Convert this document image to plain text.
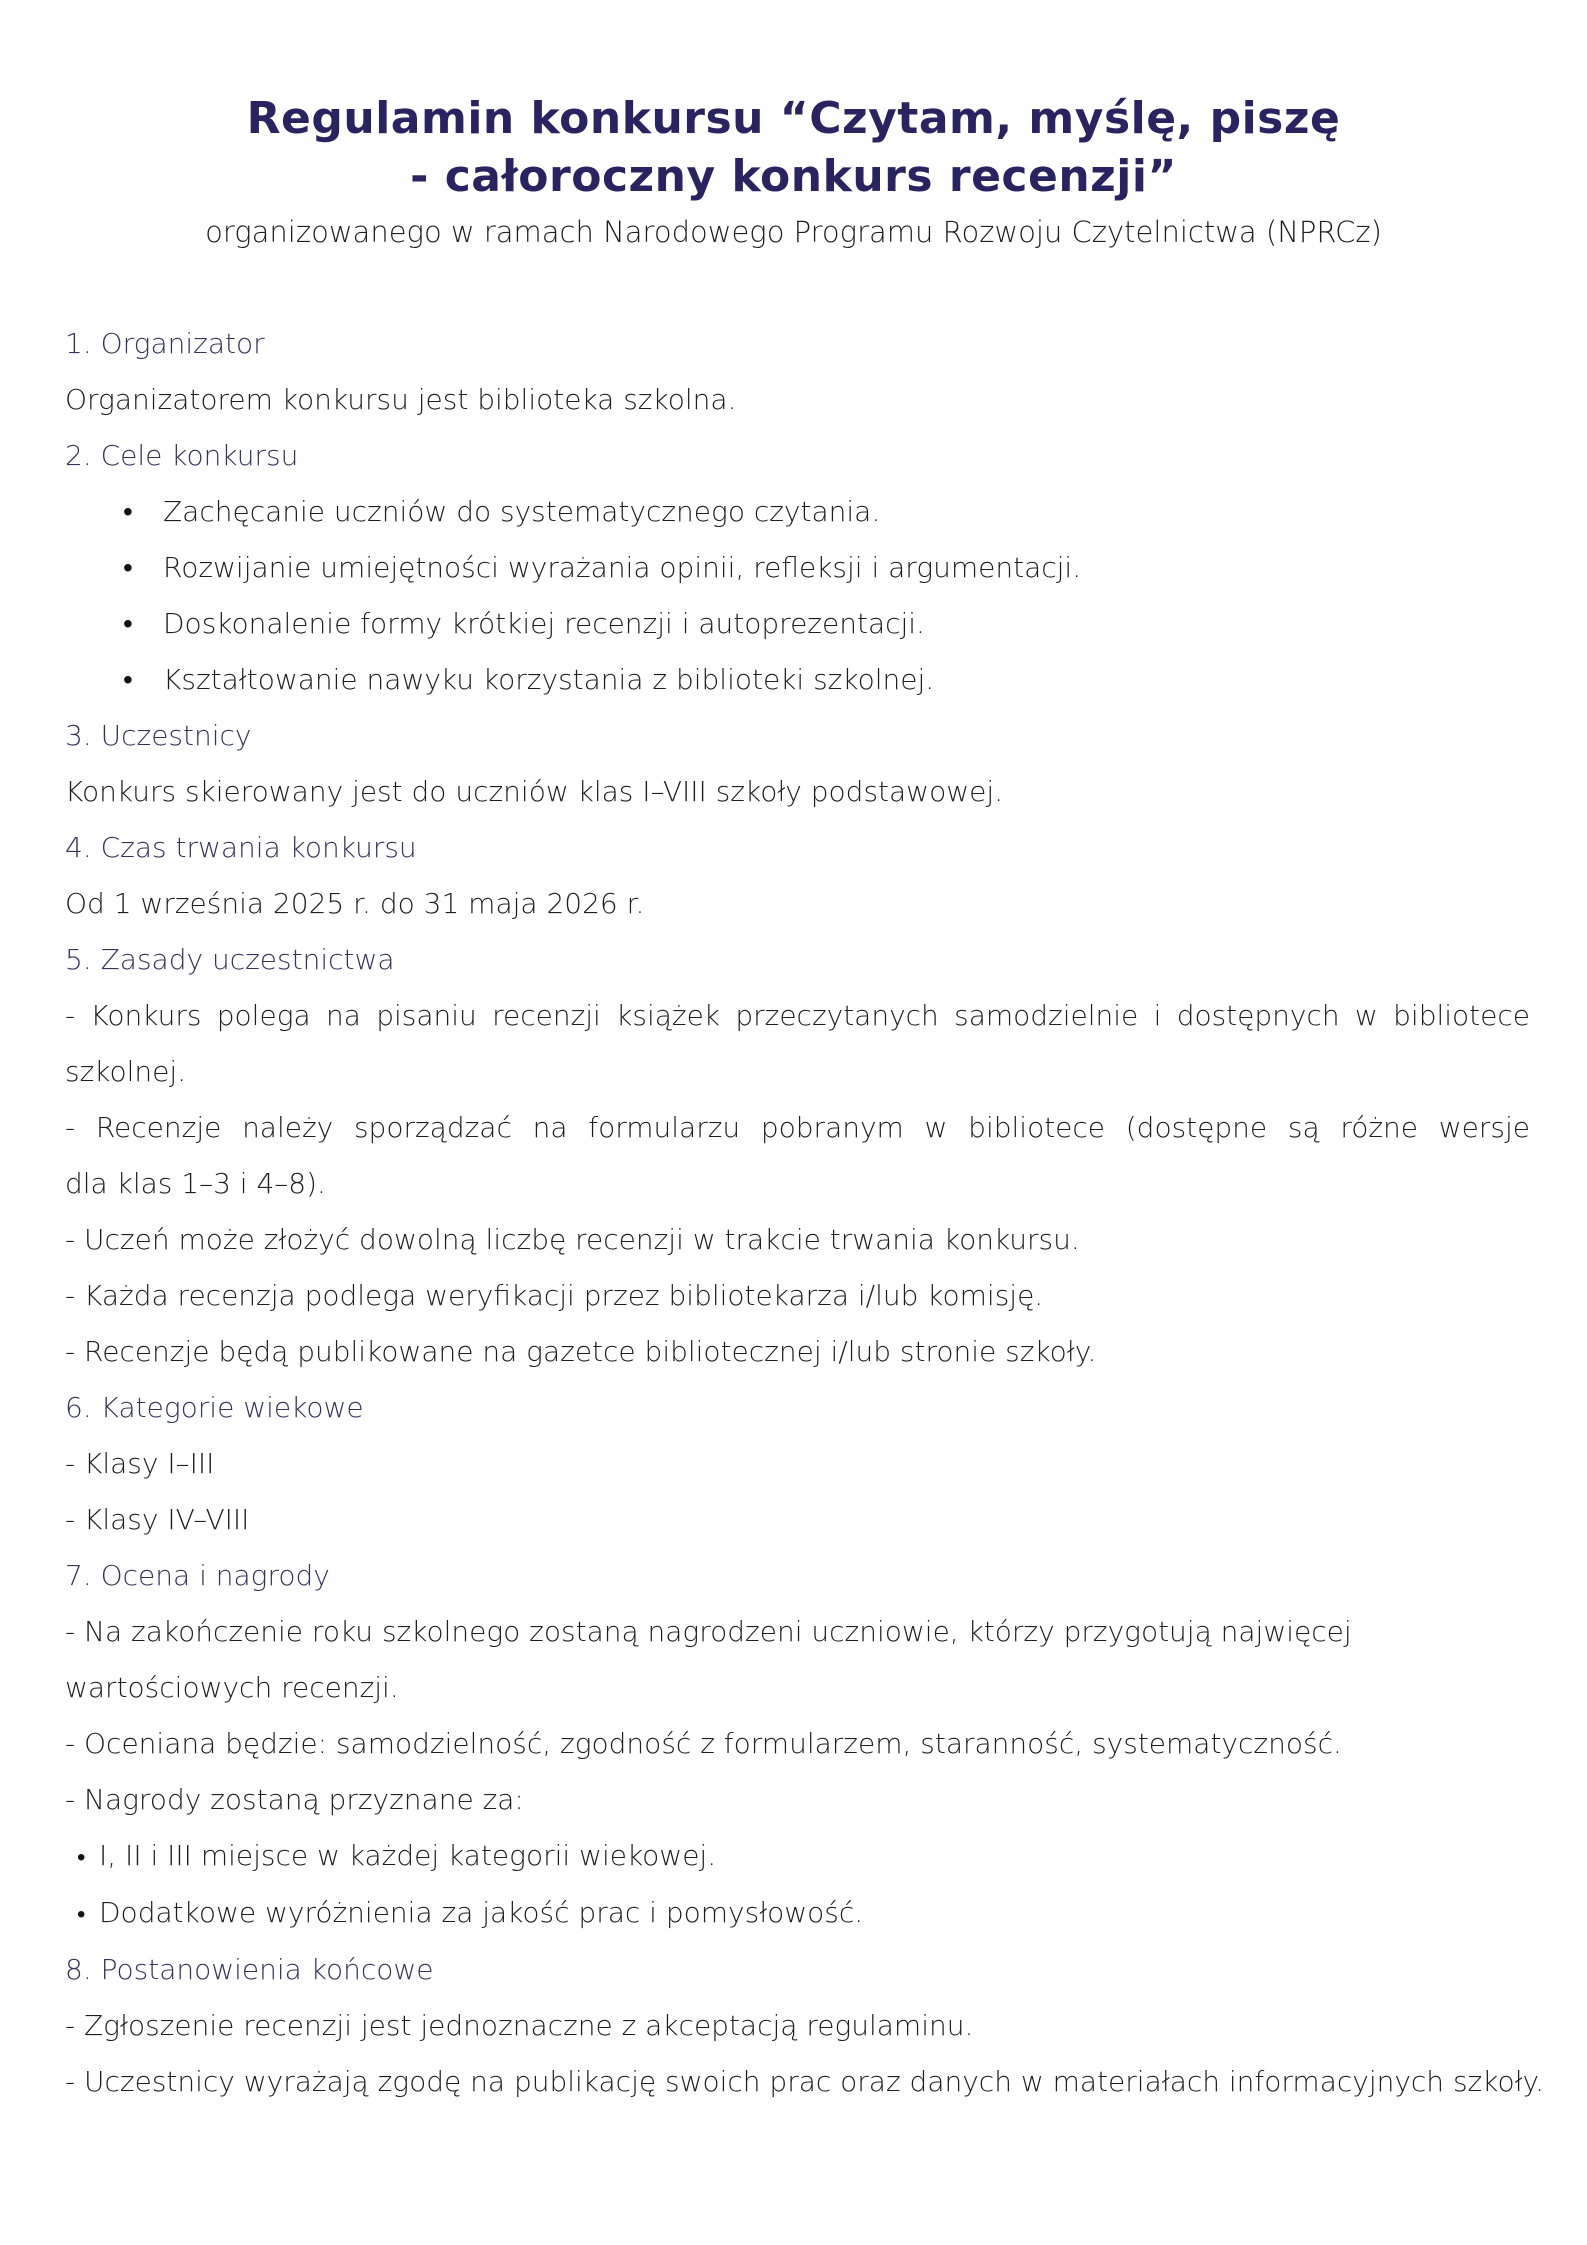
Regulamin konkursu “Czytam, myślę, piszę
- całoroczny konkurs recenzji”
organizowanego w ramach Narodowego Programu Rozwoju Czytelnictwa (NPRCz)
1. Organizator
Organizatorem konkursu jest biblioteka szkolna.
2. Cele konkursu
• Zachęcanie uczniów do systematycznego czytania.
• Rozwijanie umiejętności wyrażania opinii, refleksji i argumentacji.
• Doskonalenie formy krótkiej recenzji i autoprezentacji.
• Kształtowanie nawyku korzystania z biblioteki szkolnej.
3. Uczestnicy
Konkurs skierowany jest do uczniów klas I–VIII szkoły podstawowej.
4. Czas trwania konkursu
Od 1 września 2025 r. do 31 maja 2026 r.
5. Zasady uczestnictwa
- Konkurs polega na pisaniu recenzji książek przeczytanych samodzielnie i dostępnych w bibliotece
szkolnej.
- Recenzje należy sporządzać na formularzu pobranym w bibliotece (dostępne są różne wersje
dla klas 1–3 i 4–8).
- Uczeń może złożyć dowolną liczbę recenzji w trakcie trwania konkursu.
- Każda recenzja podlega weryfikacji przez bibliotekarza i/lub komisję.
- Recenzje będą publikowane na gazetce bibliotecznej i/lub stronie szkoły.
6. Kategorie wiekowe
- Klasy I–III
- Klasy IV–VIII
7. Ocena i nagrody
- Na zakończenie roku szkolnego zostaną nagrodzeni uczniowie, którzy przygotują najwięcej
wartościowych recenzji.
- Oceniana będzie: samodzielność, zgodność z formularzem, staranność, systematyczność.
- Nagrody zostaną przyznane za:
• I, II i III miejsce w każdej kategorii wiekowej.
• Dodatkowe wyróżnienia za jakość prac i pomysłowość.
8. Postanowienia końcowe
- Zgłoszenie recenzji jest jednoznaczne z akceptacją regulaminu.
- Uczestnicy wyrażają zgodę na publikację swoich prac oraz danych w materiałach informacyjnych szkoły.
